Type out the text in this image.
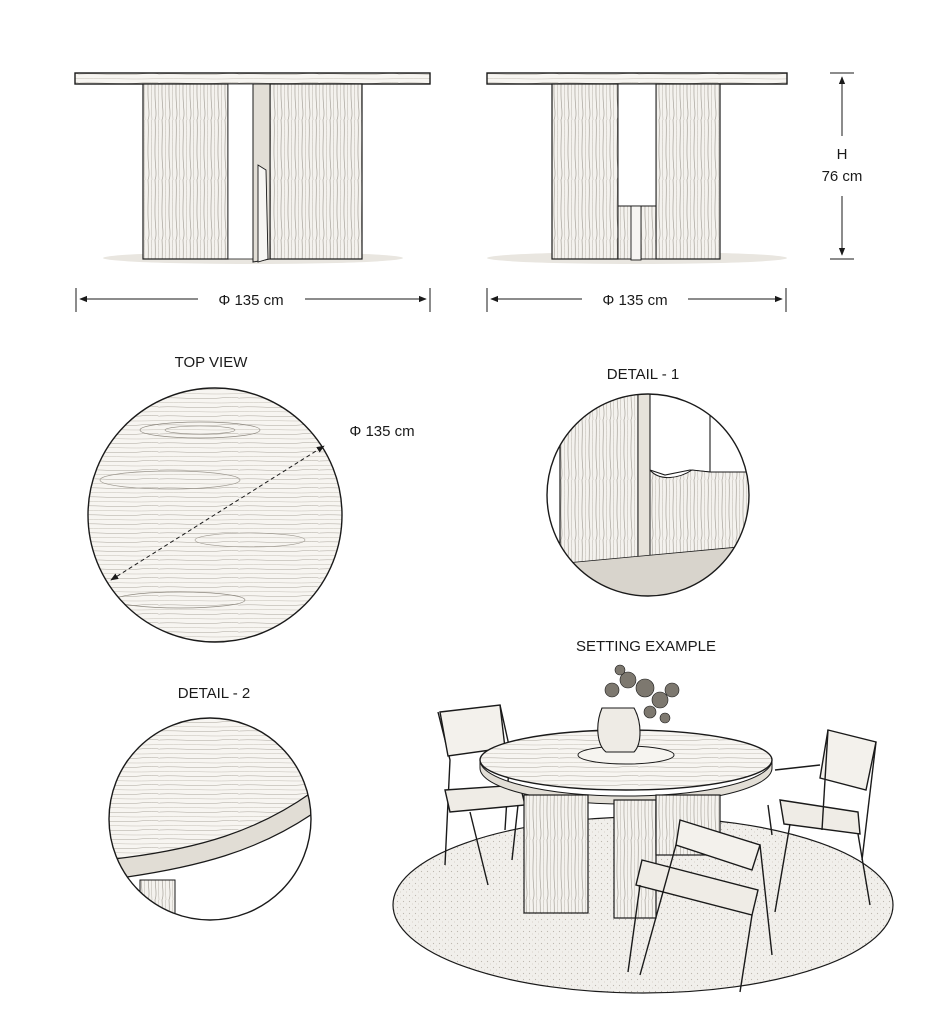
Φ 135 cm	Φ 135 cm
H
76 cm
TOP VIEW
Φ 135 cm
DETAIL - 1
DETAIL - 2
SETTING EXAMPLE
